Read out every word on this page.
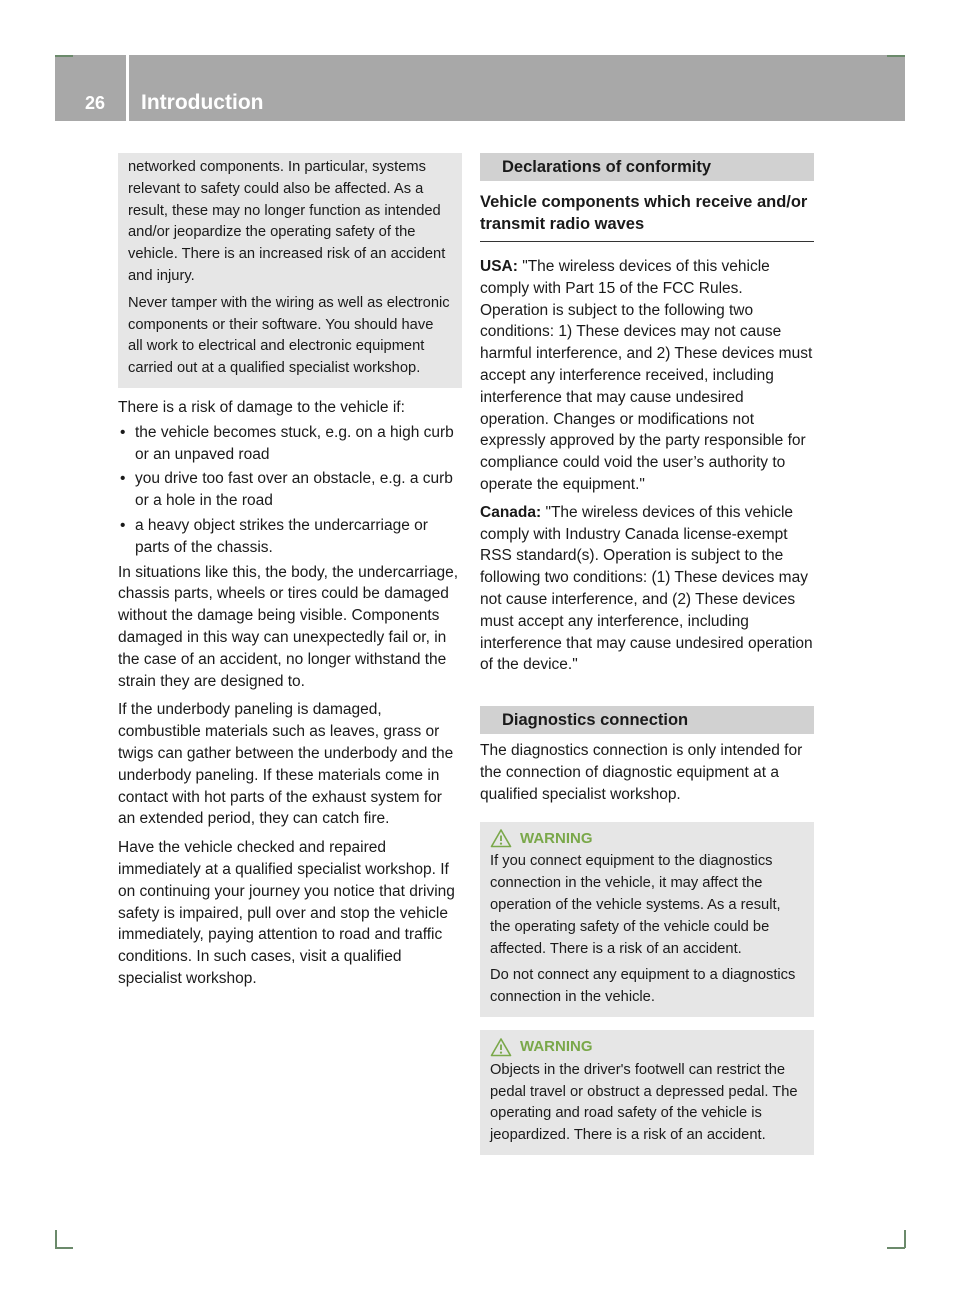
26 Introduction

networked components. In particular, systems relevant to safety could also be affected. As a result, these may no longer function as intended and/or jeopardize the operating safety of the vehicle. There is an increased risk of an accident and injury.

Never tamper with the wiring as well as electronic components or their software. You should have all work to electrical and electronic equipment carried out at a qualified specialist workshop.

There is a risk of damage to the vehicle if:

• the vehicle becomes stuck, e.g. on a high curb or an unpaved road
• you drive too fast over an obstacle, e.g. a curb or a hole in the road
• a heavy object strikes the undercarriage or parts of the chassis.

In situations like this, the body, the undercarriage, chassis parts, wheels or tires could be damaged without the damage being visible. Components damaged in this way can unexpectedly fail or, in the case of an accident, no longer withstand the strain they are designed to.

If the underbody paneling is damaged, combustible materials such as leaves, grass or twigs can gather between the underbody and the underbody paneling. If these materials come in contact with hot parts of the exhaust system for an extended period, they can catch fire.

Have the vehicle checked and repaired immediately at a qualified specialist workshop. If on continuing your journey you notice that driving safety is impaired, pull over and stop the vehicle immediately, paying attention to road and traffic conditions. In such cases, visit a qualified specialist workshop.

Declarations of conformity
Vehicle components which receive and/or transmit radio waves

USA: "The wireless devices of this vehicle comply with Part 15 of the FCC Rules. Operation is subject to the following two conditions: 1) These devices may not cause harmful interference, and 2) These devices must accept any interference received, including interference that may cause undesired operation. Changes or modifications not expressly approved by the party responsible for compliance could void the user’s authority to operate the equipment."

Canada: "The wireless devices of this vehicle comply with Industry Canada license-exempt RSS standard(s). Operation is subject to the following two conditions: (1) These devices may not cause interference, and (2) These devices must accept any interference, including interference that may cause undesired operation of the device."

Diagnostics connection

The diagnostics connection is only intended for the connection of diagnostic equipment at a qualified specialist workshop.

WARNING

If you connect equipment to the diagnostics connection in the vehicle, it may affect the operation of the vehicle systems. As a result, the operating safety of the vehicle could be affected. There is a risk of an accident.

Do not connect any equipment to a diagnostics connection in the vehicle.

WARNING

Objects in the driver's footwell can restrict the pedal travel or obstruct a depressed pedal. The operating and road safety of the vehicle is jeopardized. There is a risk of an accident.
